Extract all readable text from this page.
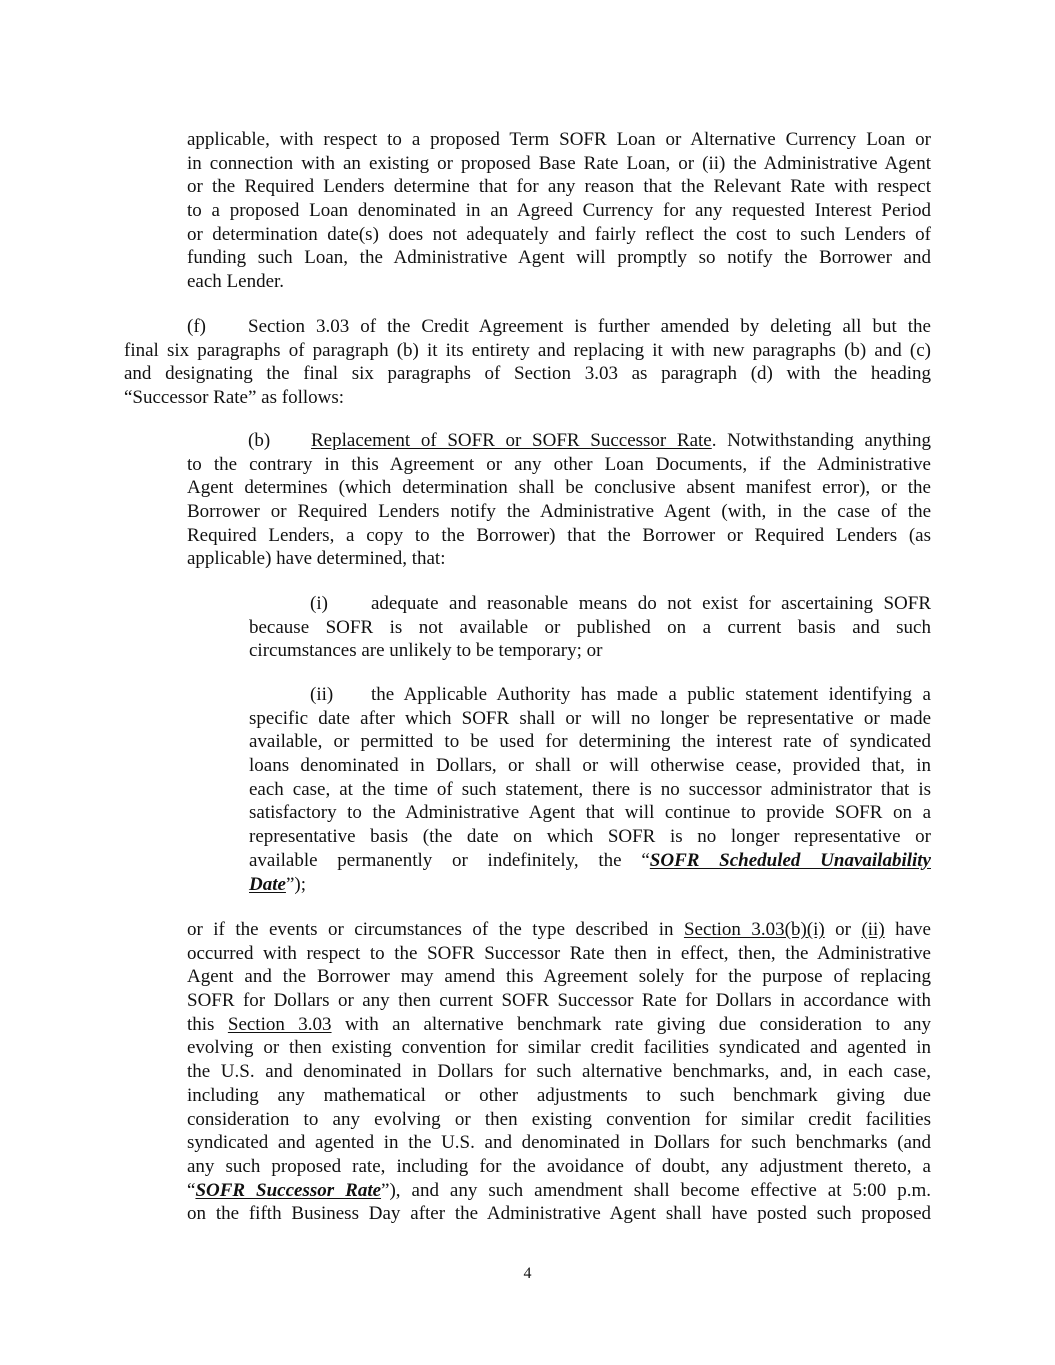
applicable, with respect to a proposed Term SOFR Loan or Alternative Currency Loan or
in connection with an existing or proposed Base Rate Loan, or (ii) the Administrative Agent
or the Required Lenders determine that for any reason that the Relevant Rate with respect
to a proposed Loan denominated in an Agreed Currency for any requested Interest Period
or determination date(s) does not adequately and fairly reflect the cost to such Lenders of
funding such Loan, the Administrative Agent will promptly so notify the Borrower and
each Lender.
(f) Section 3.03 of the Credit Agreement is further amended by deleting all but the
final six paragraphs of paragraph (b) it its entirety and replacing it with new paragraphs (b) and (c)
and designating the final six paragraphs of Section 3.03 as paragraph (d) with the heading
“Successor Rate” as follows:
(b) Replacement of SOFR or SOFR Successor Rate. Notwithstanding anything
to the contrary in this Agreement or any other Loan Documents, if the Administrative
Agent determines (which determination shall be conclusive absent manifest error), or the
Borrower or Required Lenders notify the Administrative Agent (with, in the case of the
Required Lenders, a copy to the Borrower) that the Borrower or Required Lenders (as
applicable) have determined, that:
(i) adequate and reasonable means do not exist for ascertaining SOFR
because SOFR is not available or published on a current basis and such
circumstances are unlikely to be temporary; or
(ii) the Applicable Authority has made a public statement identifying a
specific date after which SOFR shall or will no longer be representative or made
available, or permitted to be used for determining the interest rate of syndicated
loans denominated in Dollars, or shall or will otherwise cease, provided that, in
each case, at the time of such statement, there is no successor administrator that is
satisfactory to the Administrative Agent that will continue to provide SOFR on a
representative basis (the date on which SOFR is no longer representative or
available permanently or indefinitely, the “SOFR Scheduled Unavailability
Date”);
or if the events or circumstances of the type described in Section 3.03(b)(i) or (ii) have
occurred with respect to the SOFR Successor Rate then in effect, then, the Administrative
Agent and the Borrower may amend this Agreement solely for the purpose of replacing
SOFR for Dollars or any then current SOFR Successor Rate for Dollars in accordance with
this Section 3.03 with an alternative benchmark rate giving due consideration to any
evolving or then existing convention for similar credit facilities syndicated and agented in
the U.S. and denominated in Dollars for such alternative benchmarks, and, in each case,
including any mathematical or other adjustments to such benchmark giving due
consideration to any evolving or then existing convention for similar credit facilities
syndicated and agented in the U.S. and denominated in Dollars for such benchmarks (and
any such proposed rate, including for the avoidance of doubt, any adjustment thereto, a
“SOFR Successor Rate”), and any such amendment shall become effective at 5:00 p.m.
on the fifth Business Day after the Administrative Agent shall have posted such proposed
4
